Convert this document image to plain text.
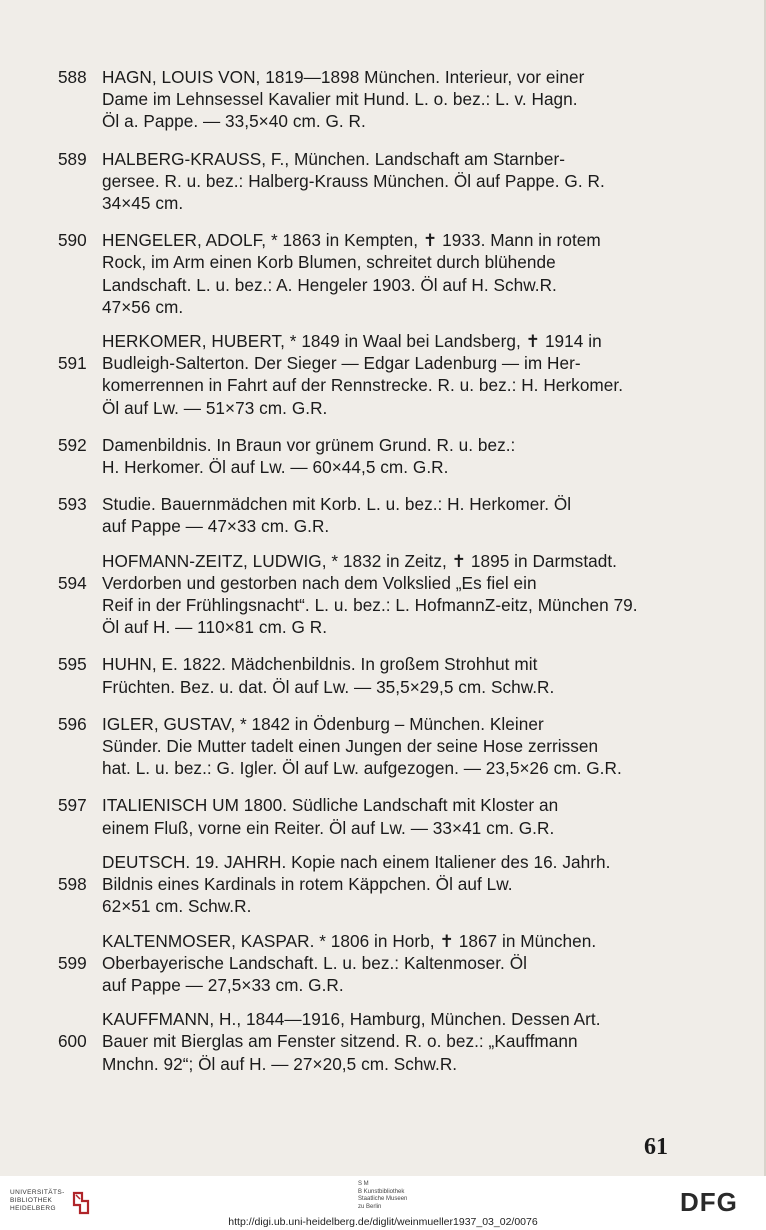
588 HAGN, LOUIS VON, 1819—1898 München. Interieur, vor einer
Dame im Lehnsessel Kavalier mit Hund. L. o. bez.: L. v. Hagn.
Öl a. Pappe. — 33,5×40 cm. G. R.
589 HALBERG-KRAUSS, F., München. Landschaft am Starnber-
gersee. R. u. bez.: Halberg-Krauss München. Öl auf Pappe. G. R.
34×45 cm.
590 HENGELER, ADOLF, * 1863 in Kempten, ✝ 1933. Mann in rotem
Rock, im Arm einen Korb Blumen, schreitet durch blühende
Landschaft. L. u. bez.: A. Hengeler 1903. Öl auf H. Schw.R.
47×56 cm.
HERKOMER, HUBERT, * 1849 in Waal bei Landsberg, ✝ 1914 in
591 Budleigh-Salterton. Der Sieger — Edgar Ladenburg — im Her-
komerrennen in Fahrt auf der Rennstrecke. R. u. bez.: H. Herkomer.
Öl auf Lw. — 51×73 cm. G.R.
592 Damenbildnis. In Braun vor grünem Grund. R. u. bez.:
H. Herkomer. Öl auf Lw. — 60×44,5 cm. G.R.
593 Studie. Bauernmädchen mit Korb. L. u. bez.: H. Herkomer. Öl
auf Pappe — 47×33 cm. G.R.
HOFMANN-ZEITZ, LUDWIG, * 1832 in Zeitz, ✝ 1895 in Darmstadt.
594 Verdorben und gestorben nach dem Volkslied „Es fiel ein
Reif in der Frühlingsnacht“. L. u. bez.: L. HofmannZ-eitz, München 79.
Öl auf H. — 110×81 cm. G R.
595 HUHN, E. 1822. Mädchenbildnis. In großem Strohhut mit
Früchten. Bez. u. dat. Öl auf Lw. — 35,5×29,5 cm. Schw.R.
596 IGLER, GUSTAV, * 1842 in Ödenburg – München. Kleiner
Sünder. Die Mutter tadelt einen Jungen der seine Hose zerrissen
hat. L. u. bez.: G. Igler. Öl auf Lw. aufgezogen. — 23,5×26 cm. G.R.
597 ITALIENISCH UM 1800. Südliche Landschaft mit Kloster an
einem Fluß, vorne ein Reiter. Öl auf Lw. — 33×41 cm. G.R.
DEUTSCH. 19. JAHRH. Kopie nach einem Italiener des 16. Jahrh.
598 Bildnis eines Kardinals in rotem Käppchen. Öl auf Lw.
62×51 cm. Schw.R.
KALTENMOSER, KASPAR. * 1806 in Horb, ✝ 1867 in München.
599 Oberbayerische Landschaft. L. u. bez.: Kaltenmoser. Öl
auf Pappe — 27,5×33 cm. G.R.
KAUFFMANN, H., 1844—1916, Hamburg, München. Dessen Art.
600 Bauer mit Bierglas am Fenster sitzend. R. o. bez.: „Kauffmann
Mnchn. 92“; Öl auf H. — 27×20,5 cm. Schw.R.
61
UNIVERSITÄTS-
BIBLIOTHEK
HEIDELBERG
S M
B Kunstbibliothek
Staatliche Museen
zu Berlin
http://digi.ub.uni-heidelberg.de/diglit/weinmueller1937_03_02/0076
DFG
